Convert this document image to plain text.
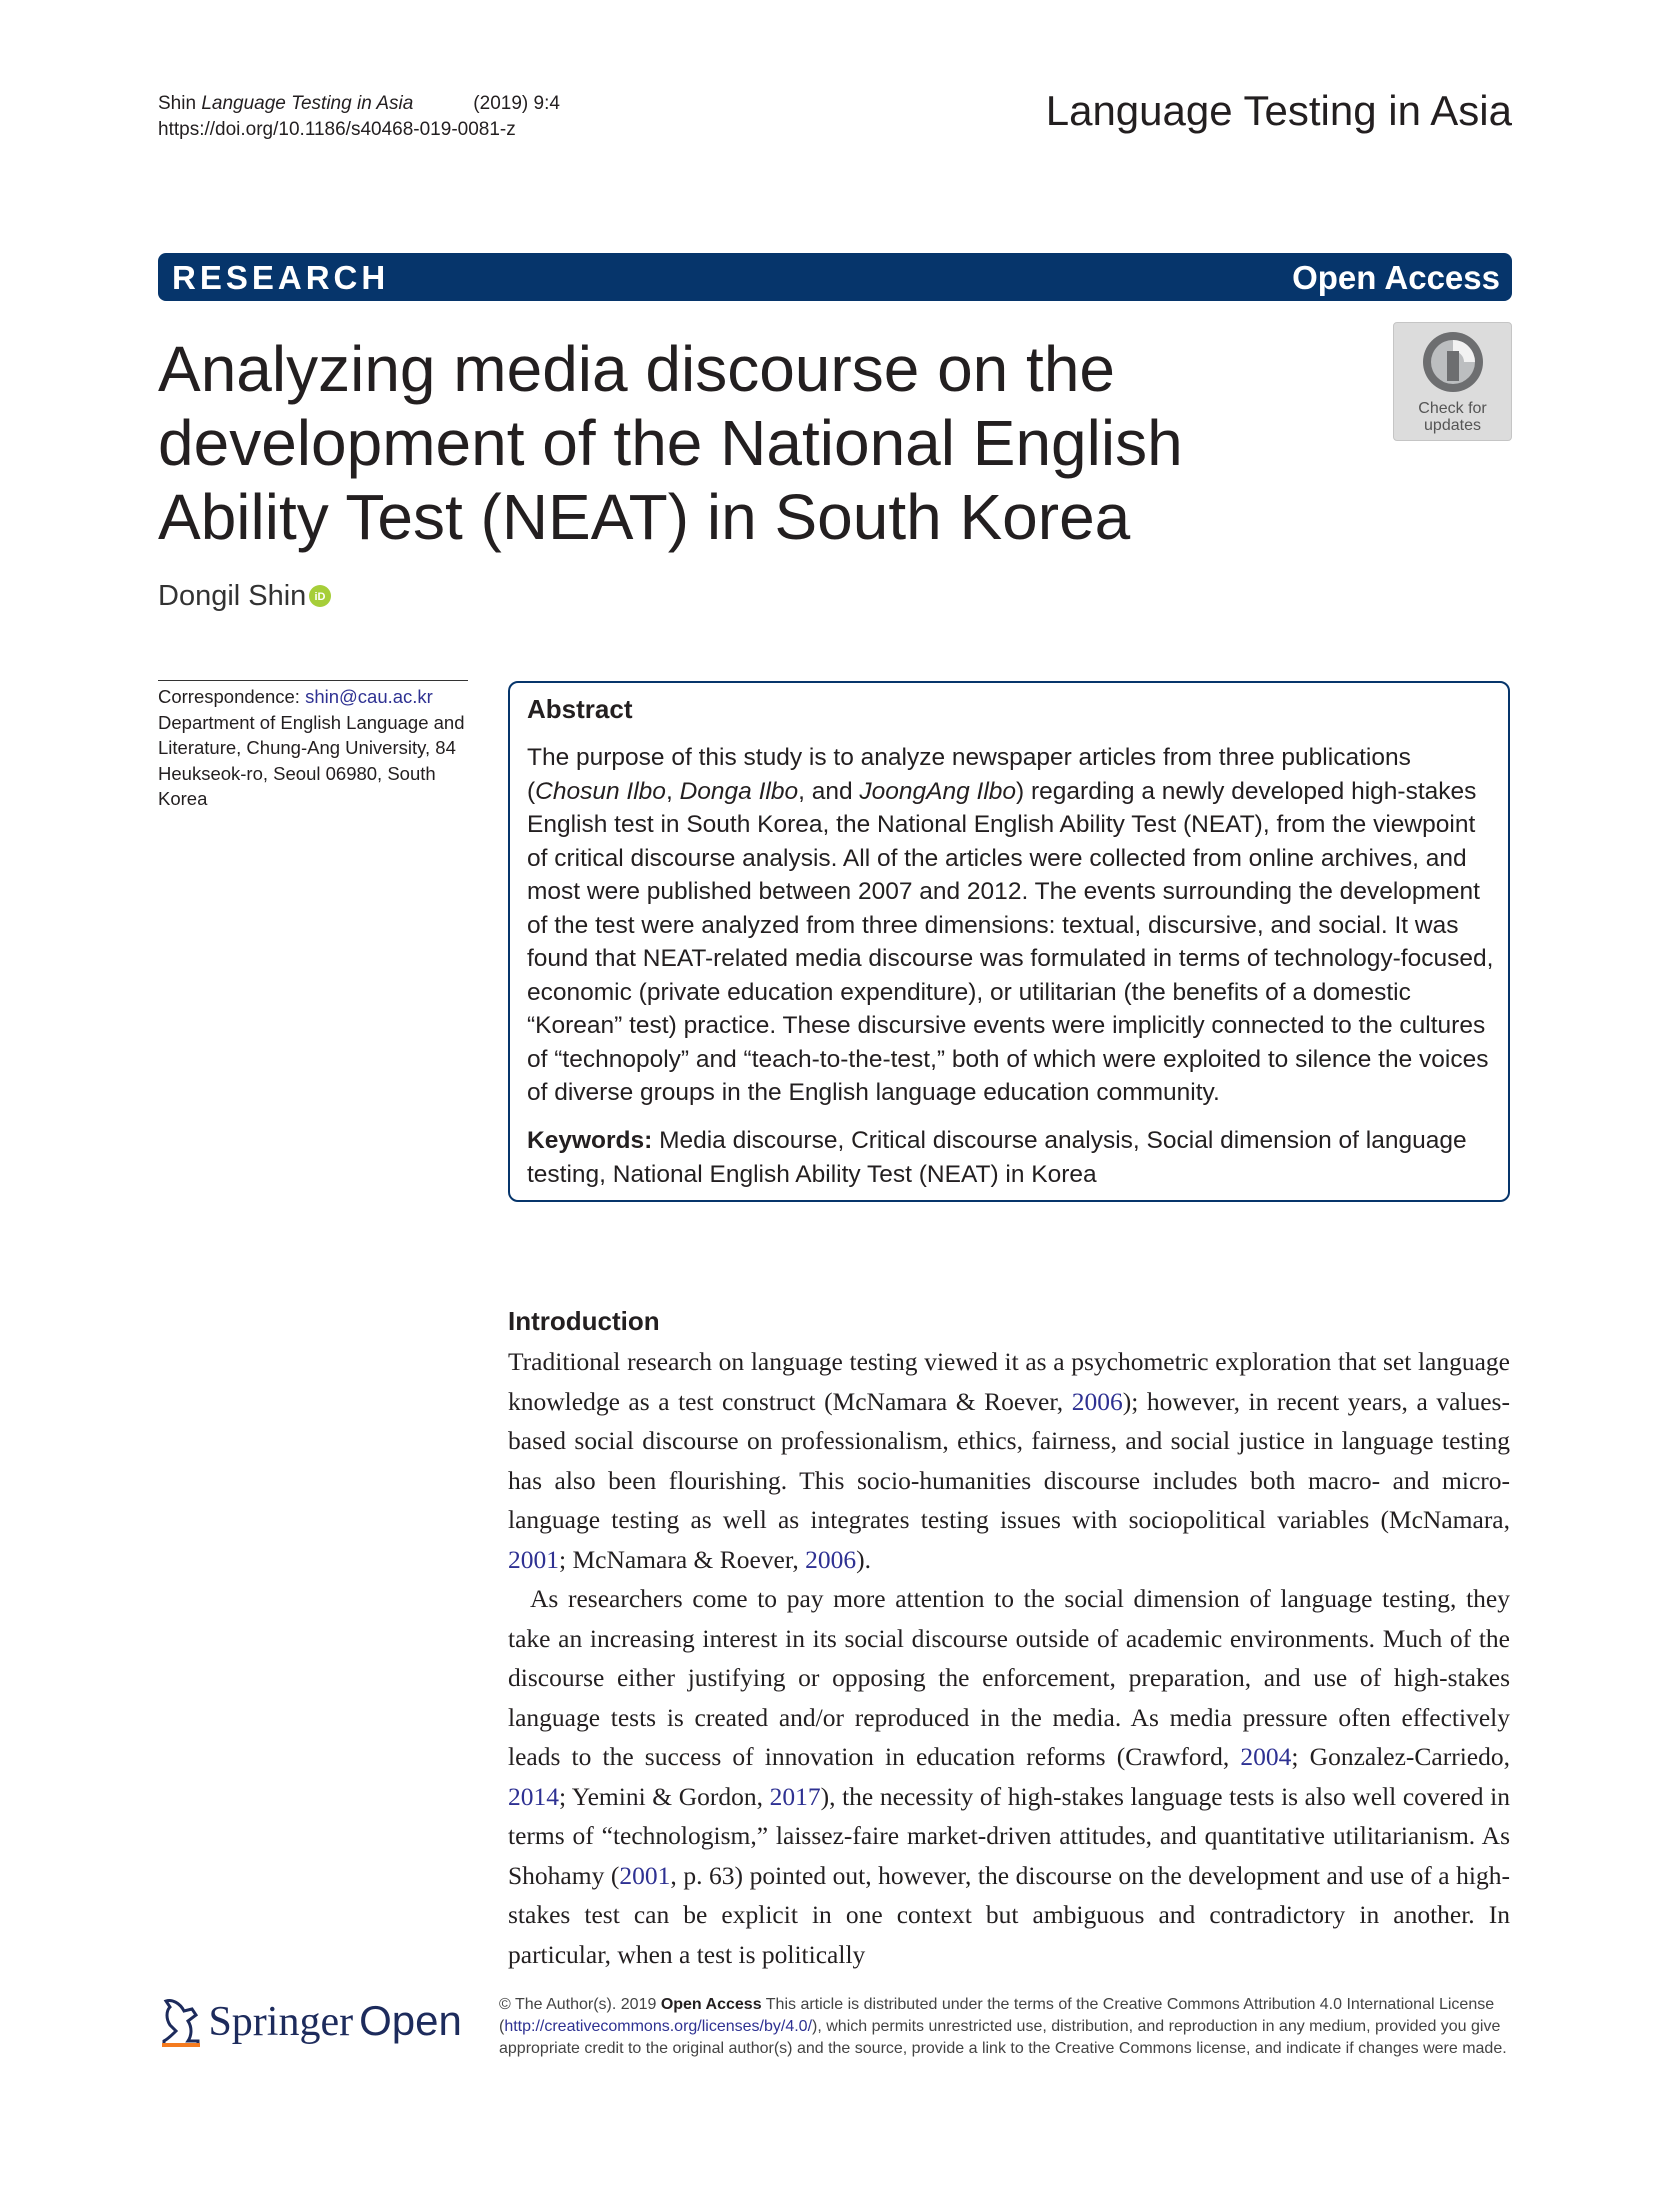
Shin Language Testing in Asia	(2019) 9:4
https://doi.org/10.1186/s40468-019-0081-z	Language Testing in Asia
RESEARCH	Open Access
Analyzing media discourse on the development of the National English Ability Test (NEAT) in South Korea
Check for
updates
Dongil Shin iD
Correspondence: shin@cau.ac.kr
Department of English Language and Literature, Chung-Ang University, 84 Heukseok-ro, Seoul 06980, South Korea
Abstract
The purpose of this study is to analyze newspaper articles from three publications (Chosun Ilbo, Donga Ilbo, and JoongAng Ilbo) regarding a newly developed high-stakes English test in South Korea, the National English Ability Test (NEAT), from the viewpoint of critical discourse analysis. All of the articles were collected from online archives, and most were published between 2007 and 2012. The events surrounding the development of the test were analyzed from three dimensions: textual, discursive, and social. It was found that NEAT-related media discourse was formulated in terms of technology-focused, economic (private education expenditure), or utilitarian (the benefits of a domestic “Korean” test) practice. These discursive events were implicitly connected to the cultures of “technopoly” and “teach-to-the-test,” both of which were exploited to silence the voices of diverse groups in the English language education community.
Keywords: Media discourse, Critical discourse analysis, Social dimension of language testing, National English Ability Test (NEAT) in Korea
Introduction

Traditional research on language testing viewed it as a psychometric exploration that set language knowledge as a test construct (McNamara & Roever, 2006); however, in recent years, a values-based social discourse on professionalism, ethics, fairness, and social justice in language testing has also been flourishing. This socio-humanities discourse includes both macro- and micro-language testing as well as integrates testing issues with sociopolitical variables (McNamara, 2001; McNamara & Roever, 2006).

As researchers come to pay more attention to the social dimension of language testing, they take an increasing interest in its social discourse outside of academic environments. Much of the discourse either justifying or opposing the enforcement, preparation, and use of high-stakes language tests is created and/or reproduced in the media. As media pressure often effectively leads to the success of innovation in education reforms (Crawford, 2004; Gonzalez-Carriedo, 2014; Yemini & Gordon, 2017), the necessity of high-stakes language tests is also well covered in terms of “technologism,” laissez-faire market-driven attitudes, and quantitative utilitarianism. As Shohamy (2001, p. 63) pointed out, however, the discourse on the development and use of a high-stakes test can be explicit in one context but ambiguous and contradictory in another. In particular, when a test is politically

Springer Open © The Author(s). 2019 Open Access This article is distributed under the terms of the Creative Commons Attribution 4.0 International License (http://creativecommons.org/licenses/by/4.0/), which permits unrestricted use, distribution, and reproduction in any medium, provided you give appropriate credit to the original author(s) and the source, provide a link to the Creative Commons license, and indicate if changes were made.
